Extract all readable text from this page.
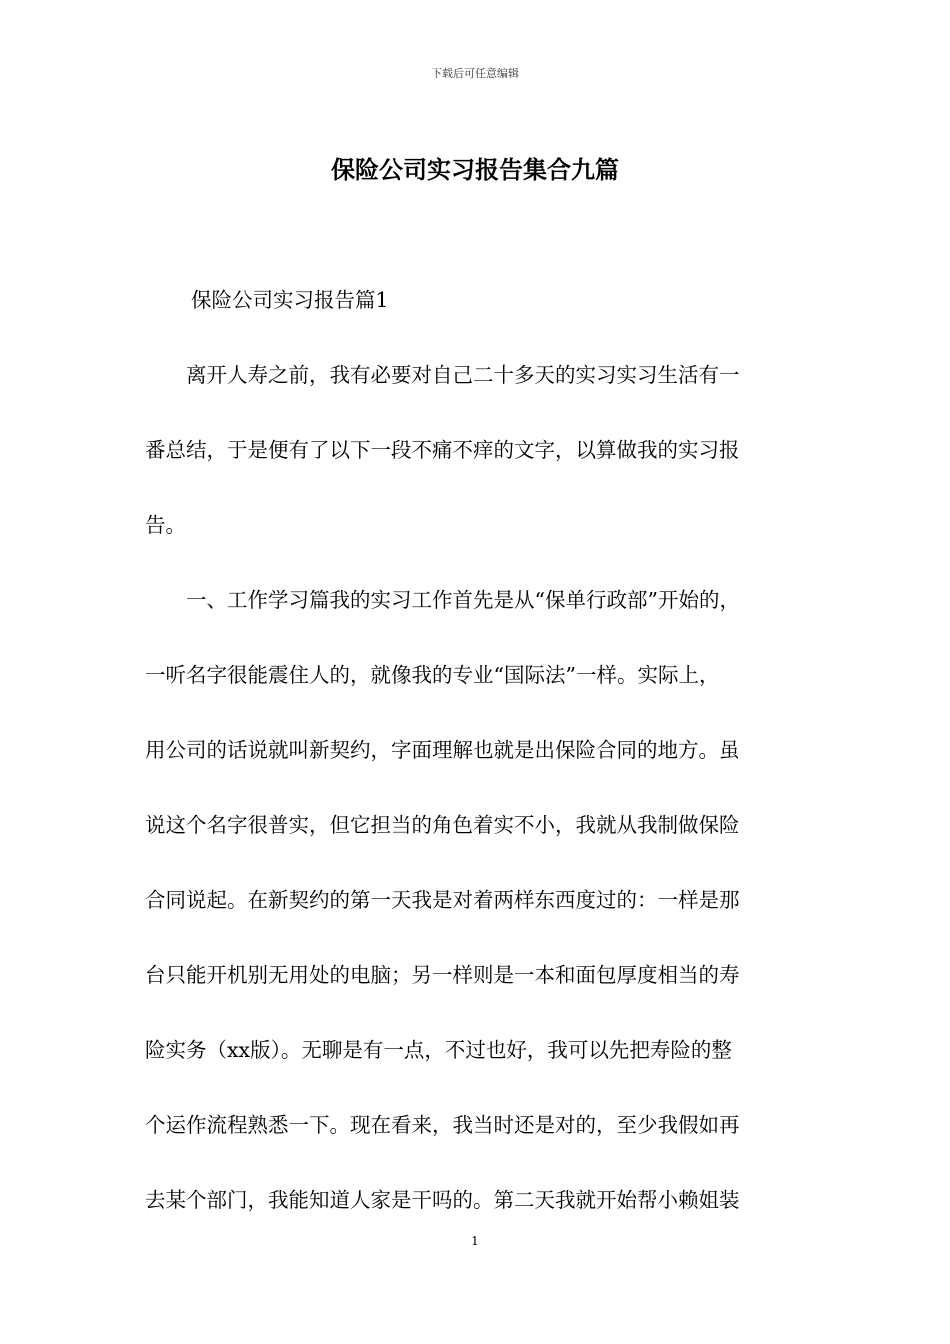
下载后可任意编辑
保险公司实习报告集合九篇
保险公司实习报告篇1
　　离开人寿之前，我有必要对自己二十多天的实习实习生活有一
番总结，于是便有了以下一段不痛不痒的文字，以算做我的实习报
告。
　　一、工作学习篇我的实习工作首先是从“保单行政部”开始的，
一听名字很能震住人的，就像我的专业“国际法”一样。实际上，
用公司的话说就叫新契约，字面理解也就是出保险合同的地方。虽
说这个名字很普实，但它担当的角色着实不小，我就从我制做保险
合同说起。在新契约的第一天我是对着两样东西度过的：一样是那
台只能开机别无用处的电脑；另一样则是一本和面包厚度相当的寿
险实务（xx版）。无聊是有一点，不过也好，我可以先把寿险的整
个运作流程熟悉一下。现在看来，我当时还是对的，至少我假如再
去某个部门，我能知道人家是干吗的。第二天我就开始帮小赖姐装
1
